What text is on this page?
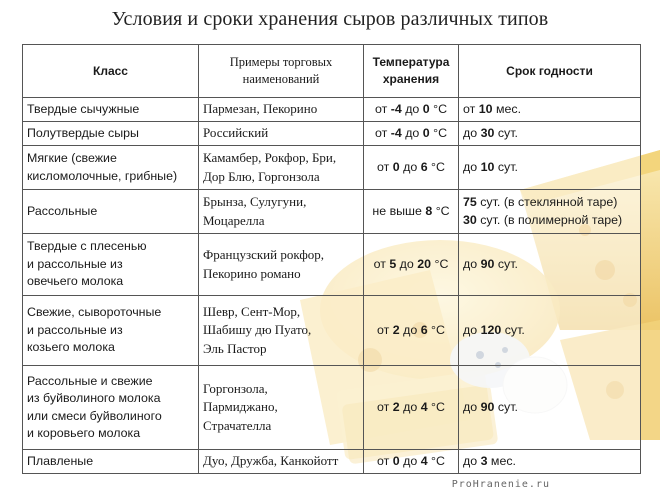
Условия и сроки хранения сыров различных типов
Класс	Примеры торговых наименований	Температура хранения	Срок годности

Твердые сычужные	Пармезан, Пекорино	от -4 до 0 °С	от 10 мес.

Полутвердые сыры	Российский	от -4 до 0 °С	до 30 сут.

Мягкие (свежие
кисломолочные, грибные)	Камамбер, Рокфор, Бри,
Дор Блю, Горгонзола	от 0 до 6 °С	до 10 сут.

Рассольные	Брынза, Сулугуни,
Моцарелла	не выше 8 °С	75 сут. (в стеклянной таре)
30 сут. (в полимерной таре)

Твердые с плесенью
и рассольные из
овечьего молока	Французский рокфор,
Пекорино романо	от 5 до 20 °С	до 90 сут.

Свежие, сывороточные
и рассольные из
козьего молока	Шевр, Сент-Мор,
Шабишу дю Пуато,
Эль Пастор	от 2 до 6 °С	до 120 сут.

Рассольные и свежие
из буйволиного молока
или смеси буйволиного
и коровьего молока	Горгонзола,
Пармиджано,
Страчателла	от 2 до 4 °С	до 90 сут.

Плавленые	Дуо, Дружба, Канкойотт	от 0 до 4 °С	до 3 мес.
ProHranenie.ru
